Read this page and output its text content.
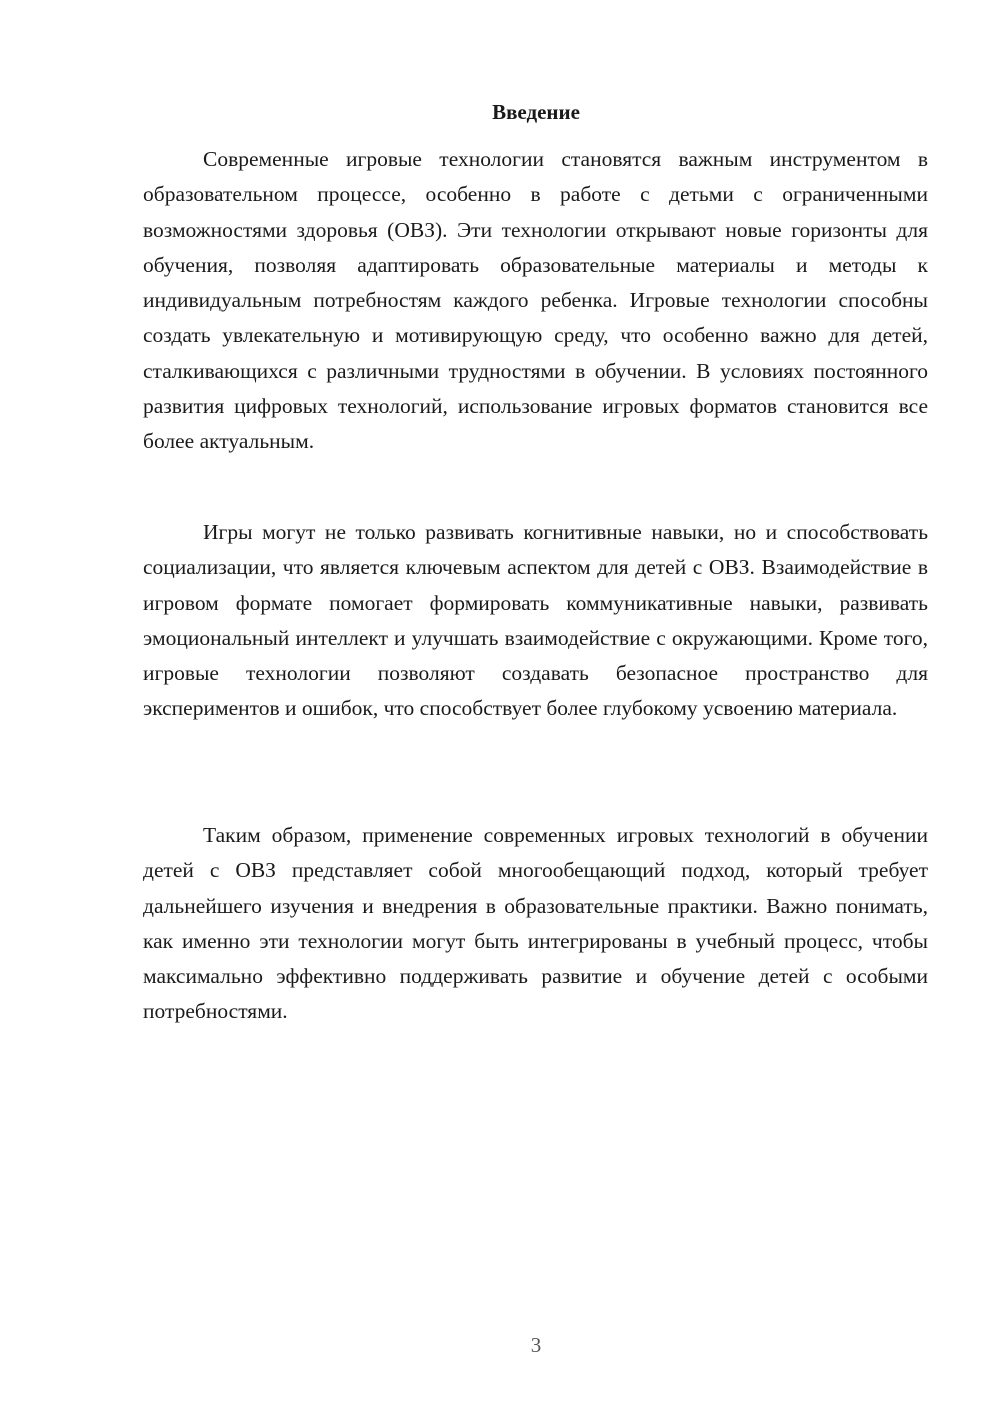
Введение

Современные игровые технологии становятся важным инструментом в образовательном процессе, особенно в работе с детьми с ограниченными возможностями здоровья (ОВЗ). Эти технологии открывают новые горизонты для обучения, позволяя адаптировать образовательные материалы и методы к индивидуальным потребностям каждого ребенка. Игровые технологии способны создать увлекательную и мотивирующую среду, что особенно важно для детей, сталкивающихся с различными трудностями в обучении. В условиях постоянного развития цифровых технологий, использование игровых форматов становится все более актуальным.

Игры могут не только развивать когнитивные навыки, но и способствовать социализации, что является ключевым аспектом для детей с ОВЗ. Взаимодействие в игровом формате помогает формировать коммуникативные навыки, развивать эмоциональный интеллект и улучшать взаимодействие с окружающими. Кроме того, игровые технологии позволяют создавать безопасное пространство для экспериментов и ошибок, что способствует более глубокому усвоению материала.

Таким образом, применение современных игровых технологий в обучении детей с ОВЗ представляет собой многообещающий подход, который требует дальнейшего изучения и внедрения в образовательные практики. Важно понимать, как именно эти технологии могут быть интегрированы в учебный процесс, чтобы максимально эффективно поддерживать развитие и обучение детей с особыми потребностями.

3
